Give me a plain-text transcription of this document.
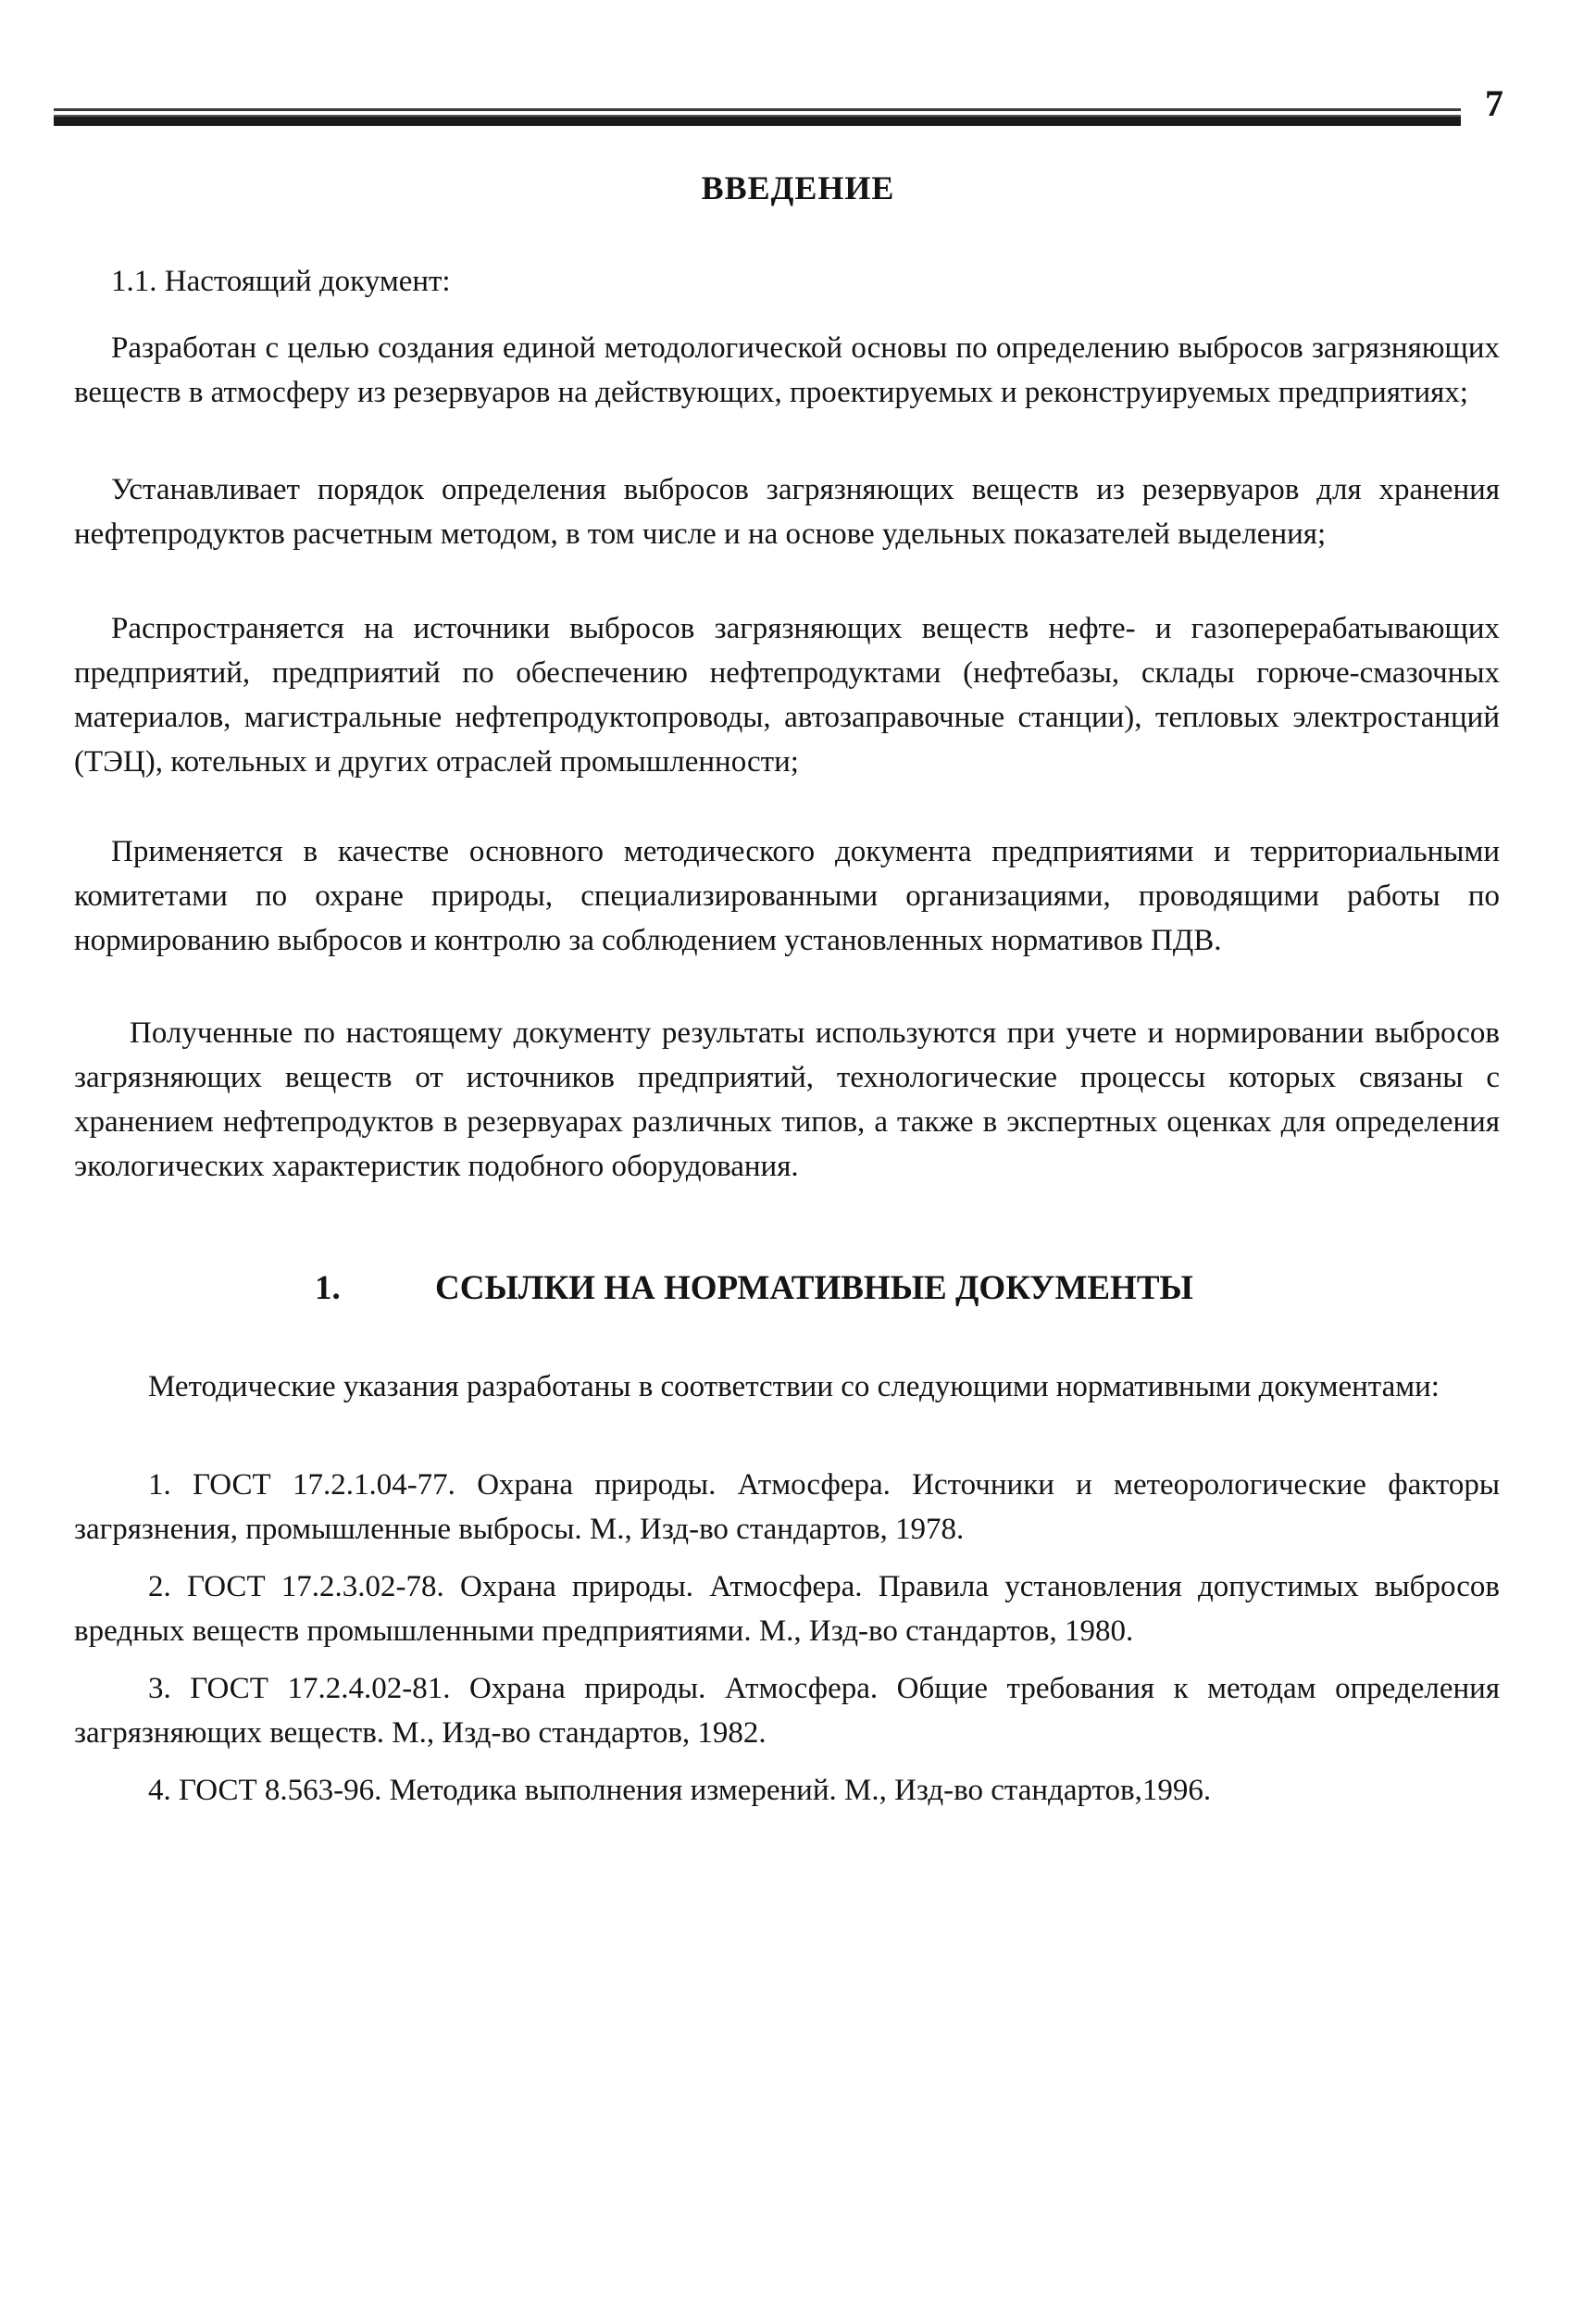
7
ВВЕДЕНИЕ
1.1. Настоящий документ:
Разработан с целью создания единой методологической основы по определению выбросов загрязняющих веществ в атмосферу из резервуаров на действующих, проектируемых и реконструируемых предприятиях;
Устанавливает порядок определения выбросов загрязняющих веществ из резервуаров для хранения нефтепродуктов расчетным методом, в том числе и на основе удельных показателей выделения;
Распространяется на источники выбросов загрязняющих веществ нефте- и газоперерабатывающих предприятий, предприятий по обеспечению нефтепродуктами (нефтебазы, склады горюче-смазочных материалов, магистральные нефтепродуктопроводы, автозаправочные станции), тепловых электростанций (ТЭЦ), котельных и других отраслей промышленности;
Применяется в качестве основного методического документа предприятиями и территориальными комитетами по охране природы, специализированными организациями, проводящими работы по нормированию выбросов и контролю за соблюдением установленных нормативов ПДВ.
Полученные по настоящему документу результаты используются при учете и нормировании выбросов загрязняющих веществ от источников предприятий, технологические процессы которых связаны с хранением нефтепродуктов в резервуарах различных типов, а также в экспертных оценках для определения экологических характеристик подобного оборудования.
1.	ССЫЛКИ НА НОРМАТИВНЫЕ ДОКУМЕНТЫ
Методические указания разработаны в соответствии со следующими нормативными документами:
1. ГОСТ 17.2.1.04-77. Охрана природы. Атмосфера. Источники и метеорологические факторы загрязнения, промышленные выбросы. М., Изд-во стандартов, 1978.
2. ГОСТ 17.2.3.02-78. Охрана природы. Атмосфера. Правила установления допустимых выбросов вредных веществ промышленными предприятиями. М., Изд-во стандартов, 1980.
3. ГОСТ 17.2.4.02-81. Охрана природы. Атмосфера. Общие требования к методам определения загрязняющих веществ. М., Изд-во стандартов, 1982.
4. ГОСТ 8.563-96. Методика выполнения измерений. М., Изд-во стандартов,1996.
